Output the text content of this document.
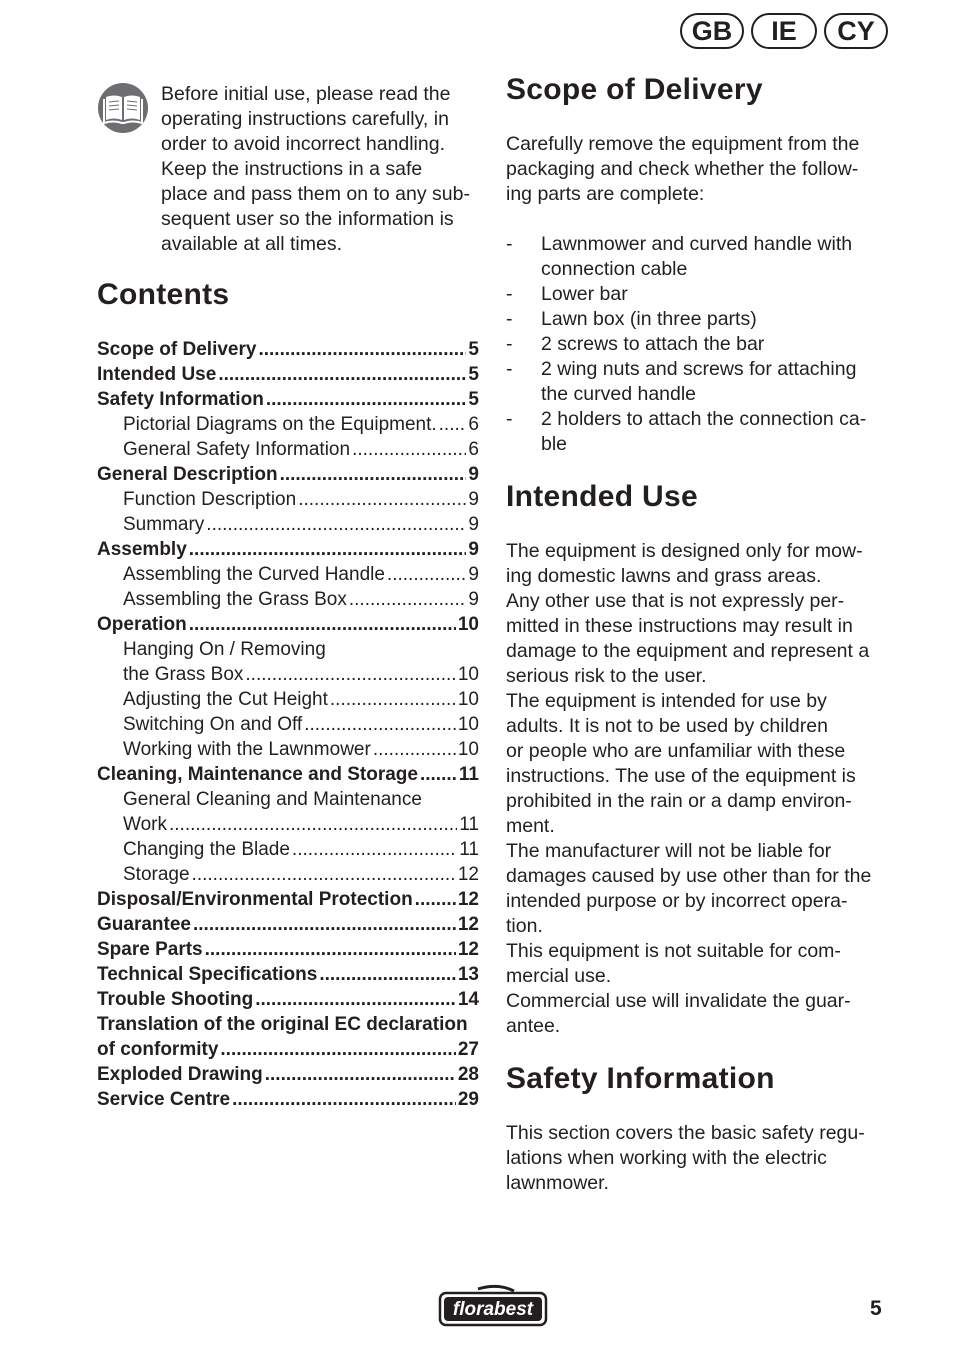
GB	IE	CY
Before initial use, please read the
operating instructions carefully, in
order to avoid incorrect handling.
Keep the instructions in a safe
place and pass them on to any sub-
sequent user so the information is
available at all times.
Contents
Scope of Delivery .....	5
Intended Use .....	5
Safety Information .....	5
Pictorial Diagrams on the Equipment. ..... 6
General Safety Information .....	6
General Description .....	9
Function Description .....	9
Summary .....	9
Assembly .....	9
Assembling the Curved Handle .....	9
Assembling the Grass Box .....	9
Operation .....	10
Hanging On / Removing
the Grass Box .....	10
Adjusting the Cut Height .....	10
Switching On and Off .....	10
Working with the Lawnmower .....	10
Cleaning, Maintenance and Storage ..... 11
General Cleaning and Maintenance
Work .....	11
Changing the Blade .....	11
Storage .....	12
Disposal/Environmental Protection ..... 12
Guarantee .....	12
Spare Parts .....	12
Technical Specifications .....	13
Trouble Shooting .....	14
Translation of the original EC declaration
of conformity .....	27
Exploded Drawing .....	28
Service Centre .....	29
Scope of Delivery

Carefully remove the equipment from the
packaging and check whether the follow-
ing parts are complete:

-	Lawnmower and curved handle with
connection cable
-	Lower bar
-	Lawn box (in three parts)
-	2 screws to attach the bar
-	2 wing nuts and screws for attaching
the curved handle
-	2 holders to attach the connection ca-
ble
Intended Use

The equipment is designed only for mow-
ing domestic lawns and grass areas.
Any other use that is not expressly per-
mitted in these instructions may result in
damage to the equipment and represent a
serious risk to the user.
The equipment is intended for use by
adults. It is not to be used by children
or people who are unfamiliar with these
instructions. The use of the equipment is
prohibited in the rain or a damp environ-
ment.
The manufacturer will not be liable for
damages caused by use other than for the
intended purpose or by incorrect opera-
tion.
This equipment is not suitable for com-
mercial use.
Commercial use will invalidate the guar-
antee.

Safety Information

This section covers the basic safety regu-
lations when working with the electric
lawnmower.

florabest	5
